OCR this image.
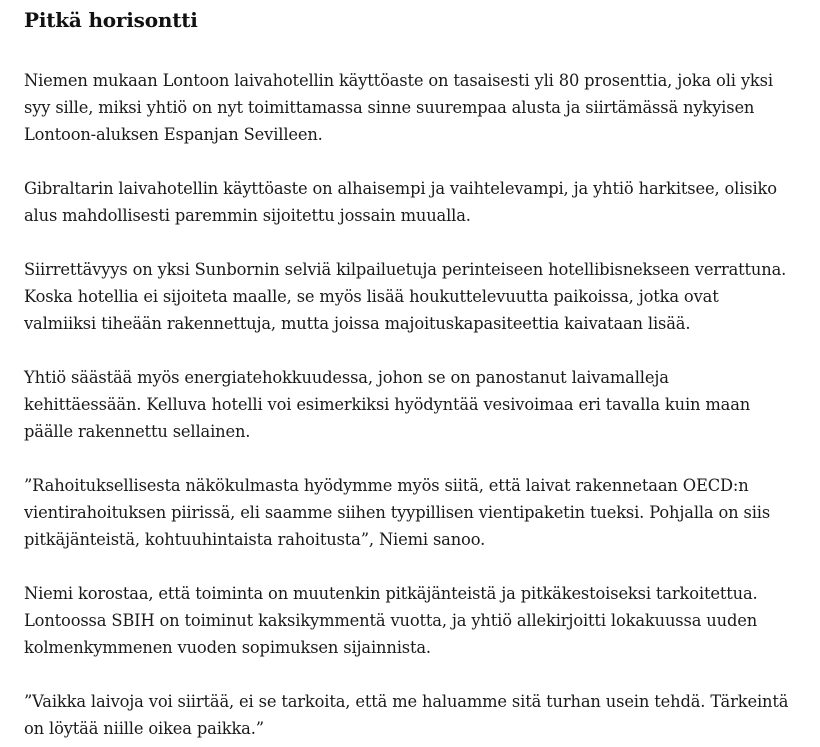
Pitkä horisontti

Niemen mukaan Lontoon laivahotellin käyttöaste on tasaisesti yli 80 prosenttia, joka oli yksi
syy sille, miksi yhtiö on nyt toimittamassa sinne suurempaa alusta ja siirtämässä nykyisen
Lontoon-aluksen Espanjan Sevilleen.

Gibraltarin laivahotellin käyttöaste on alhaisempi ja vaihtelevampi, ja yhtiö harkitsee, olisiko
alus mahdollisesti paremmin sijoitettu jossain muualla.

Siirrettävyys on yksi Sunbornin selviä kilpailuetuja perinteiseen hotellibisnekseen verrattuna.
Koska hotellia ei sijoiteta maalle, se myös lisää houkuttelevuutta paikoissa, jotka ovat
valmiiksi tiheään rakennettuja, mutta joissa majoituskapasiteettia kaivataan lisää.

Yhtiö säästää myös energiatehokkuudessa, johon se on panostanut laivamalleja
kehittäessään. Kelluva hotelli voi esimerkiksi hyödyntää vesivoimaa eri tavalla kuin maan
päälle rakennettu sellainen.

”Rahoituksellisesta näkökulmasta hyödymme myös siitä, että laivat rakennetaan OECD:n
vientirahoituksen piirissä, eli saamme siihen tyypillisen vientipaketin tueksi. Pohjalla on siis
pitkäjänteistä, kohtuuhintaista rahoitusta”, Niemi sanoo.

Niemi korostaa, että toiminta on muutenkin pitkäjänteistä ja pitkäkestoiseksi tarkoitettua.
Lontoossa SBIH on toiminut kaksikymmentä vuotta, ja yhtiö allekirjoitti lokakuussa uuden
kolmenkymmenen vuoden sopimuksen sijainnista.

”Vaikka laivoja voi siirtää, ei se tarkoita, että me haluamme sitä turhan usein tehdä. Tärkeintä
on löytää niille oikea paikka.”
